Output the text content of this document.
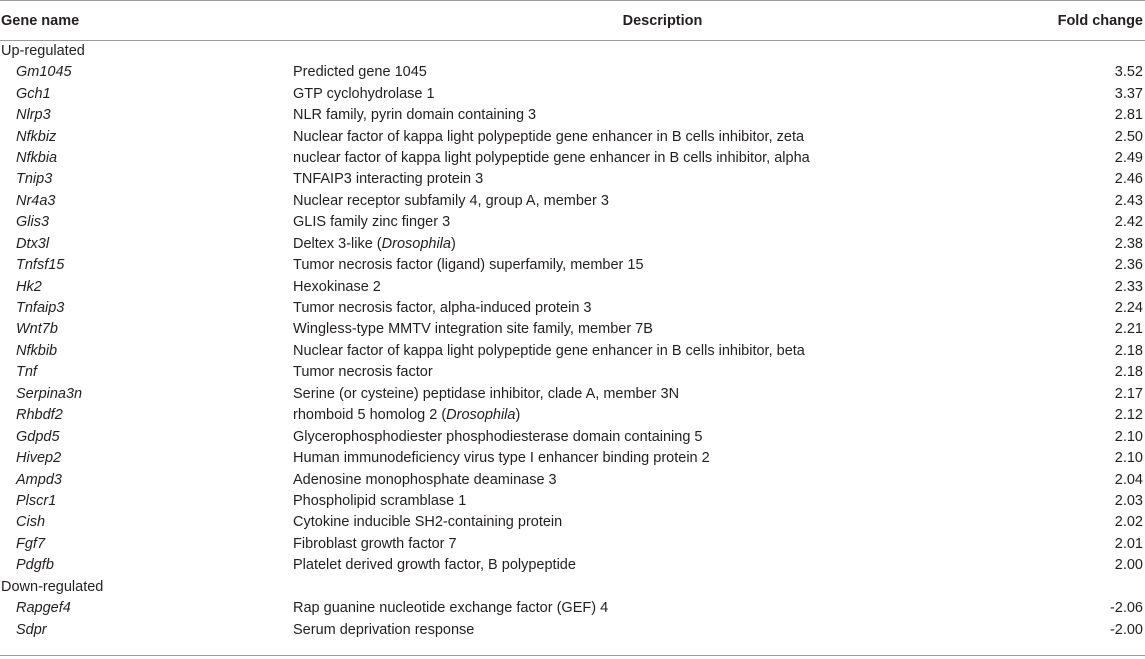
Gene name	Description	Fold change
Up-regulated		
Gm1045	Predicted gene 1045	3.52
Gch1	GTP cyclohydrolase 1	3.37
Nlrp3	NLR family, pyrin domain containing 3	2.81
Nfkbiz	Nuclear factor of kappa light polypeptide gene enhancer in B cells inhibitor, zeta	2.50
Nfkbia	nuclear factor of kappa light polypeptide gene enhancer in B cells inhibitor, alpha	2.49
Tnip3	TNFAIP3 interacting protein 3	2.46
Nr4a3	Nuclear receptor subfamily 4, group A, member 3	2.43
Glis3	GLIS family zinc finger 3	2.42
Dtx3l	Deltex 3-like (Drosophila)	2.38
Tnfsf15	Tumor necrosis factor (ligand) superfamily, member 15	2.36
Hk2	Hexokinase 2	2.33
Tnfaip3	Tumor necrosis factor, alpha-induced protein 3	2.24
Wnt7b	Wingless-type MMTV integration site family, member 7B	2.21
Nfkbib	Nuclear factor of kappa light polypeptide gene enhancer in B cells inhibitor, beta	2.18
Tnf	Tumor necrosis factor	2.18
Serpina3n	Serine (or cysteine) peptidase inhibitor, clade A, member 3N	2.17
Rhbdf2	rhomboid 5 homolog 2 (Drosophila)	2.12
Gdpd5	Glycerophosphodiester phosphodiesterase domain containing 5	2.10
Hivep2	Human immunodeficiency virus type I enhancer binding protein 2	2.10
Ampd3	Adenosine monophosphate deaminase 3	2.04
Plscr1	Phospholipid scramblase 1	2.03
Cish	Cytokine inducible SH2-containing protein	2.02
Fgf7	Fibroblast growth factor 7	2.01
Pdgfb	Platelet derived growth factor, B polypeptide	2.00
Down-regulated		
Rapgef4	Rap guanine nucleotide exchange factor (GEF) 4	-2.06
Sdpr	Serum deprivation response	-2.00
